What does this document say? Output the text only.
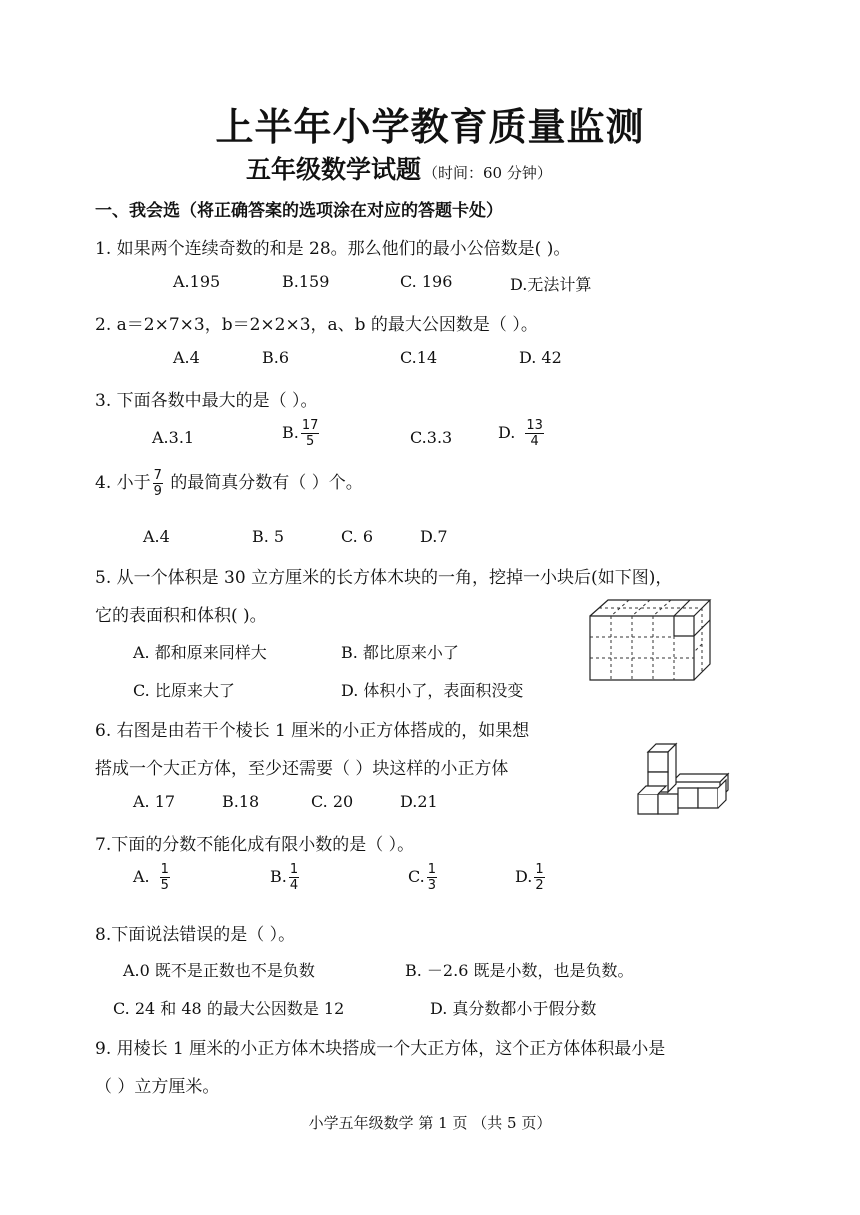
上半年小学教育质量监测
五年级数学试题 （时间：60 分钟）
一、我会选（将正确答案的选项涂在对应的答题卡处）
1. 如果两个连续奇数的和是 28。那么他们的最小公倍数是( )。
A.195	B.159	C. 196	D.无法计算
2. a＝2×7×3，b＝2×2×3，a、b 的最大公因数是（ ）。
A.4	B.6	C.14	D. 42
3. 下面各数中最大的是（ ）。
A.3.1	B. $\frac{17}{5}$	C.3.3	D. $\frac{13}{4}$
4. 小于 $\frac{7}{9}$ 的最简真分数有（ ）个。
A.4	B. 5	C. 6	D.7
5. 从一个体积是 30 立方厘米的长方体木块的一角，挖掉一小块后(如下图)，
它的表面积和体积( )。
A. 都和原来同样大	B. 都比原来小了
C. 比原来大了	D. 体积小了，表面积没变
6. 右图是由若干个棱长 1 厘米的小正方体搭成的，如果想
搭成一个大正方体，至少还需要（ ）块这样的小正方体
A. 17	B.18	C. 20	D.21
7.下面的分数不能化成有限小数的是（ ）。
A. $\frac{1}{5}$	B. $\frac{1}{4}$	C. $\frac{1}{3}$	D. $\frac{1}{2}$
8.下面说法错误的是（ ）。
A.0 既不是正数也不是负数	B. －2.6 既是小数，也是负数。
C. 24 和 48 的最大公因数是 12	D. 真分数都小于假分数
9. 用棱长 1 厘米的小正方体木块搭成一个大正方体，这个正方体体积最小是
（ ）立方厘米。
小学五年级数学 第 1 页 （共 5 页）
